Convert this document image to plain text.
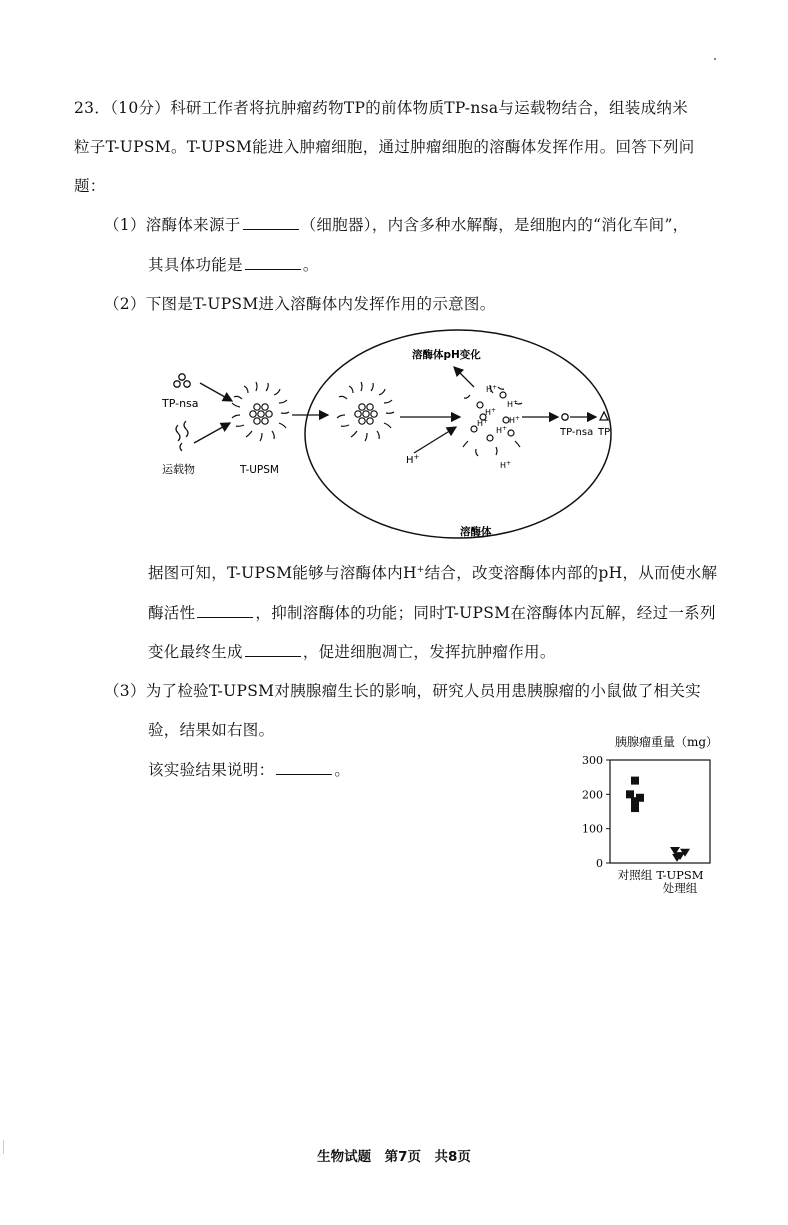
23．（10分）科研工作者将抗肿瘤药物TP的前体物质TP-nsa与运载物结合，组装成纳米
粒子T-UPSM。T-UPSM能进入肿瘤细胞，通过肿瘤细胞的溶酶体发挥作用。回答下列问
题：
（1）溶酶体来源于	（细胞器），内含多种水解酶，是细胞内的“消化车间”，
其具体功能是	。
（2）下图是T-UPSM进入溶酶体内发挥作用的示意图。
TP-nsa
运载物	T-UPSM
H+
H+
H+
H+
H+
H+
H+
H+
溶酶体pH变化
TP-nsa TP
溶酶体
据图可知，T-UPSM能够与溶酶体内H+结合，改变溶酶体内部的pH，从而使水解
酶活性	，抑制溶酶体的功能；同时T-UPSM在溶酶体内瓦解，经过一系列
变化最终生成	，促进细胞凋亡，发挥抗肿瘤作用。
（3）为了检验T-UPSM对胰腺瘤生长的影响，研究人员用患胰腺瘤的小鼠做了相关实
验，结果如右图。
该实验结果说明：	。
胰腺瘤重量（mg）
0
100
200
300
对照组 T-UPSM
处理组
生物试题　第7页　共8页
